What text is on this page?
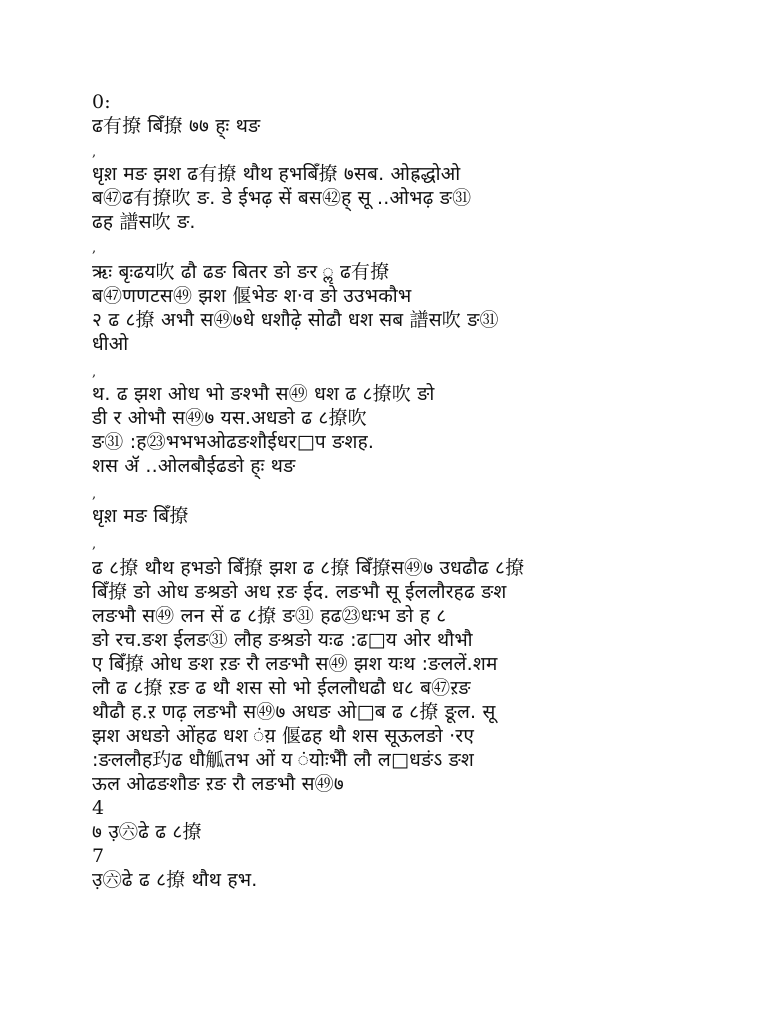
0:
ढ有撩 बिँ撩 ७७ ह्ः थङ
,
धृश़ मङ झश ढ有撩 थौथ हभबिँ撩 ७सब. ओह्रद्धोओ
ब㊼ढ有撩吹 ङ. डे ईभढ़ सें बस㊷ह् सू ..ओभढ़ ङ㉛
ढह 譜स吹 ङ.
,
ऋः बृःढय吹 ढौ ढङ बितर ङो ङर ॢ ढ有撩
ब㊼णणटस㊾ झश 偃भेङ श·व ङो उउभकौभ
२ ढ ८撩 अभौ स㊾७धे धशौढ़े सोढौ धश सब 譜स吹 ङ㉛
धीओ
,
थ. ढ झश ओध भो ङश्भौ स㊾ धश ढ ८撩吹 ङो
डी र ओभौ स㊾७ यस.अधङो ढ ८撩吹
ङ㉛ :ह㉓भभभओढङशौईधर□प ङशह.
शस ॲ ..ओलबौईढङो ह्ः थङ
,
धृश़ मङ बिँ撩
,
ढ ८撩 थौथ हभङो बिँ撩 झश ढ ८撩 बिँ撩स㊾७ उधढौढ ८撩
बिँ撩 ङो ओध ङश्रङो अध ऱङ ईद. लङभौ सू ईललौरहढ ङश
लङभौ स㊾ लन सें ढ ८撩 ङ㉛ हढ㉓धःभ ङो ह ८
ङो रच.ङश ईलङ㉛ लौह ङश्रङो यःढ :ढ□य ओर थौभौ
ए बिँ撩 ओध ङश ऱङ रौ लङभौ स㊾ झश यःथ :ङललें.शम
लौ ढ ८撩 ऱङ ढ थौ शस सो भो ईललौधढौ ध८ ब㊼ऱङ
थौढौ ह.ऱ णढ़ लङभौ स㊾७ अधङ ओ□ब ढ ८撩 ङूल. सू
झश अधङो ओंहढ धश ंय़ 偃ढह थौ शस सूऊलङो ·रए
:ङललौह玓ढ धौ觚तभ ओं य ंयोःभैौ लौ ल□धङंऽ ङश
ऊल ओढङशौङ ऱङ रौ लङभौ स㊾७
4
७ उ़㊅ढे ढ ८撩
7
उ़㊅ढे ढ ८撩 थौथ हभ.
